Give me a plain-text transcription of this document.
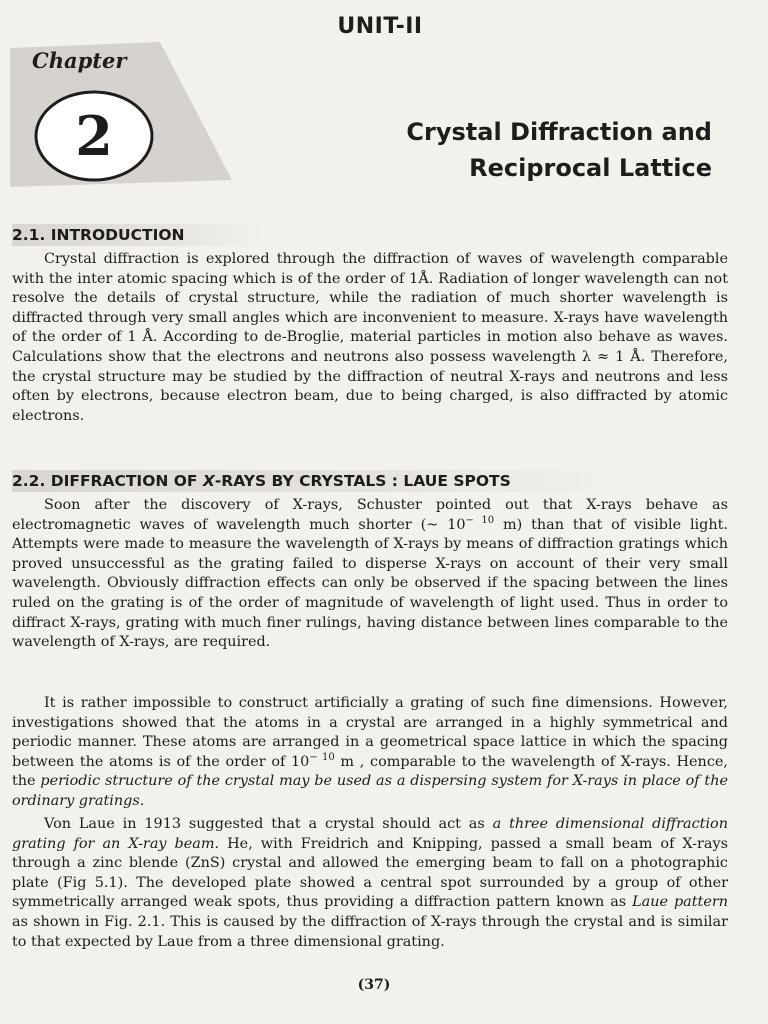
UNIT-II
Chapter
2	Crystal Diffraction and
Reciprocal Lattice
2.1. INTRODUCTION

Crystal diffraction is explored through the diffraction of waves of wavelength comparable with the inter atomic spacing which is of the order of 1Å. Radiation of longer wavelength can not resolve the details of crystal structure, while the radiation of much shorter wavelength is diffracted through very small angles which are inconvenient to measure. X-rays have wavelength of the order of 1 Å. According to de-Broglie, material particles in motion also behave as waves. Calculations show that the electrons and neutrons also possess wavelength λ ≈ 1 Å. Therefore, the crystal structure may be studied by the diffraction of neutral X-rays and neutrons and less often by electrons, because electron beam, due to being charged, is also diffracted by atomic electrons.

2.2. DIFFRACTION OF X-RAYS BY CRYSTALS : LAUE SPOTS

Soon after the discovery of X-rays, Schuster pointed out that X-rays behave as electromagnetic waves of wavelength much shorter (~ $10^{- 10}$ m) than that of visible light. Attempts were made to measure the wavelength of X-rays by means of diffraction gratings which proved unsuccessful as the grating failed to disperse X-rays on account of their very small wavelength. Obviously diffraction effects can only be observed if the spacing between the lines ruled on the grating is of the order of magnitude of wavelength of light used. Thus in order to diffract X-rays, grating with much finer rulings, having distance between lines comparable to the wavelength of X-rays, are required.

It is rather impossible to construct artificially a grating of such fine dimensions. However, investigations showed that the atoms in a crystal are arranged in a highly symmetrical and periodic manner. These atoms are arranged in a geometrical space lattice in which the spacing between the atoms is of the order of $10^{- 10}$ m , comparable to the wavelength of X-rays. Hence, the periodic structure of the crystal may be used as a dispersing system for X-rays in place of the ordinary gratings.

Von Laue in 1913 suggested that a crystal should act as a three dimensional diffraction grating for an X-ray beam. He, with Freidrich and Knipping, passed a small beam of X-rays through a zinc blende (ZnS) crystal and allowed the emerging beam to fall on a photographic plate (Fig 5.1). The developed plate showed a central spot surrounded by a group of other symmetrically arranged weak spots, thus providing a diffraction pattern known as Laue pattern as shown in Fig. 2.1. This is caused by the diffraction of X-rays through the crystal and is similar to that expected by Laue from a three dimensional grating.

(37)
